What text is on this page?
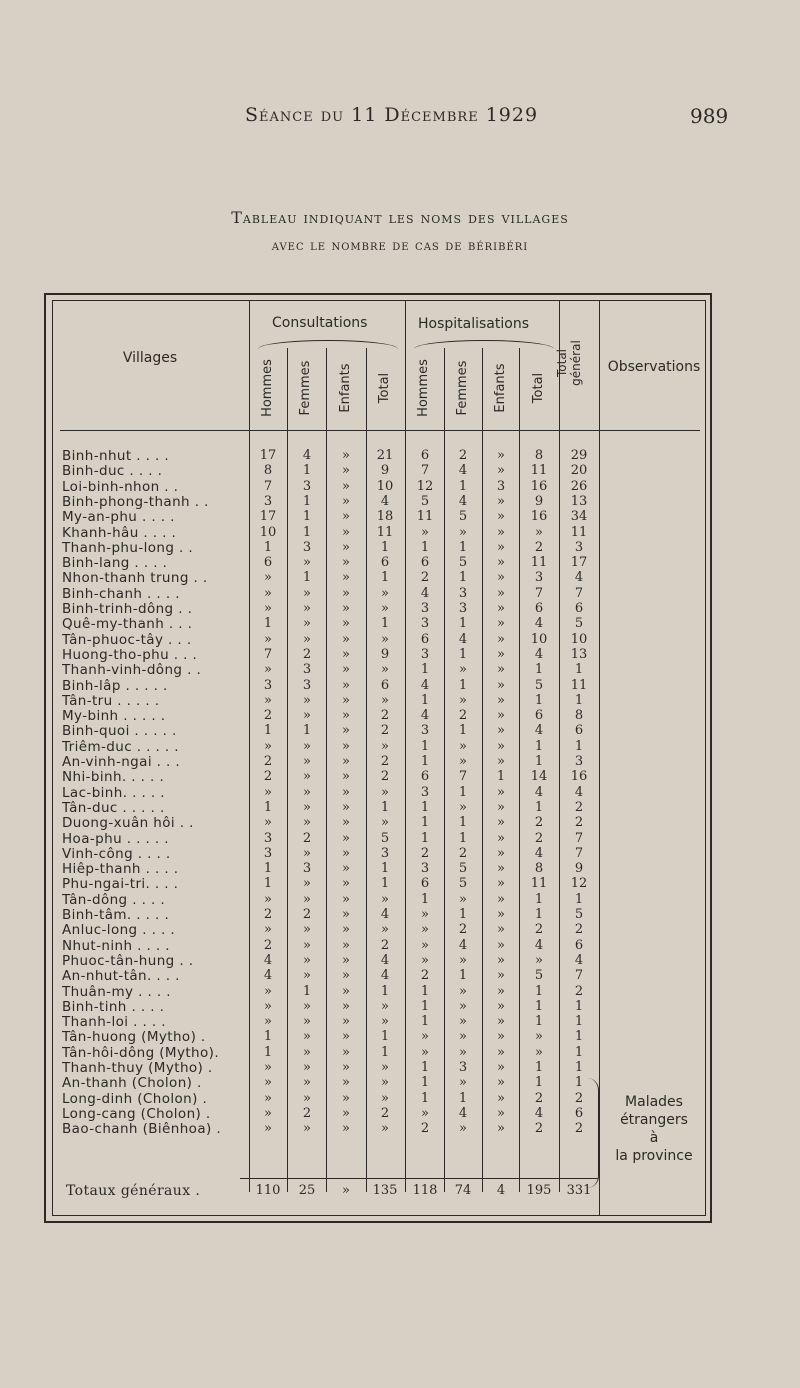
Séance du 11 Décembre 1929	989
Tableau indiquant les noms des villages
avec le nombre de cas de béribéri
Consultations	Hospitalisations
Villages
Observations
Hommes	Femmes	Enfants	Total	Hommes	Femmes	Enfants	Total
Total général
Binh-nhut . . . .	17	4	»	21	6	2	»	8	29
Binh-duc . . . .	8	1	»	9	7	4	»	11	20
Loi-binh-nhon . .	7	3	»	10	12	1	3	16	26
Binh-phong-thanh . .	3	1	»	4	5	4	»	9	13
My-an-phu . . . .	17	1	»	18	11	5	»	16	34
Khanh-hâu . . . .	10	1	»	11	»	»	»	»	11
Thanh-phu-long . .	1	3	»	1	1	1	»	2	3
Binh-lang . . . .	6	»	»	6	6	5	»	11	17
Nhon-thanh trung . .	»	1	»	1	2	1	»	3	4
Binh-chanh . . . .	»	»	»	»	4	3	»	7	7
Binh-trinh-dông . .	»	»	»	»	3	3	»	6	6
Quê-my-thanh . . .	1	»	»	1	3	1	»	4	5
Tân-phuoc-tây . . .	»	»	»	»	6	4	»	10	10
Huong-tho-phu . . .	7	2	»	9	3	1	»	4	13
Thanh-vinh-dông . .	»	3	»	»	1	»	»	1	1
Binh-lâp . . . . .	3	3	»	6	4	1	»	5	11
Tân-tru . . . . .	»	»	»	»	1	»	»	1	1
My-binh . . . . .	2	»	»	2	4	2	»	6	8
Binh-quoi . . . . .	1	1	»	2	3	1	»	4	6
Triêm-duc . . . . .	»	»	»	»	1	»	»	1	1
An-vinh-ngai . . .	2	»	»	2	1	»	»	1	3
Nhi-binh. . . . .	2	»	»	2	6	7	1	14	16
Lac-binh. . . . .	»	»	»	»	3	1	»	4	4
Tân-duc . . . . .	1	»	»	1	1	»	»	1	2
Duong-xuân hôi . .	»	»	»	»	1	1	»	2	2
Hoa-phu . . . . .	3	2	»	5	1	1	»	2	7
Vinh-công . . . .	3	»	»	3	2	2	»	4	7
Hiêp-thanh . . . .	1	3	»	1	3	5	»	8	9
Phu-ngai-tri. . . .	1	»	»	1	6	5	»	11	12
Tân-dông . . . .	»	»	»	»	1	»	»	1	1
Binh-tâm. . . . .	2	2	»	4	»	1	»	1	5
Anluc-long . . . .	»	»	»	»	»	2	»	2	2
Nhut-ninh . . . .	2	»	»	2	»	4	»	4	6
Phuoc-tân-hung . .	4	»	»	4	»	»	»	»	4
An-nhut-tân. . . .	4	»	»	4	2	1	»	5	7
Thuân-my . . . .	»	1	»	1	1	»	»	1	2
Binh-tinh . . . .	»	»	»	»	1	»	»	1	1
Thanh-loi . . . .	»	»	»	»	1	»	»	1	1
Tân-huong (Mytho) .	1	»	»	1	»	»	»	»	1
Tân-hôi-dông (Mytho).	1	»	»	1	»	»	»	»	1
Thanh-thuy (Mytho) .	»	»	»	»	1	3	»	1	1
An-thanh (Cholon) .	»	»	»	»	1	»	»	1	1
Long-dinh (Cholon) .	»	»	»	»	1	1	»	2	2
Long-cang (Cholon) .	»	2	»	2	»	4	»	4	6
Bao-chanh (Biênhoa) .	»	»	»	»	2	»	»	2	2
Totaux généraux .	110	25	»	135	118	74	4	195	331
Malades
étrangers
à
la province
